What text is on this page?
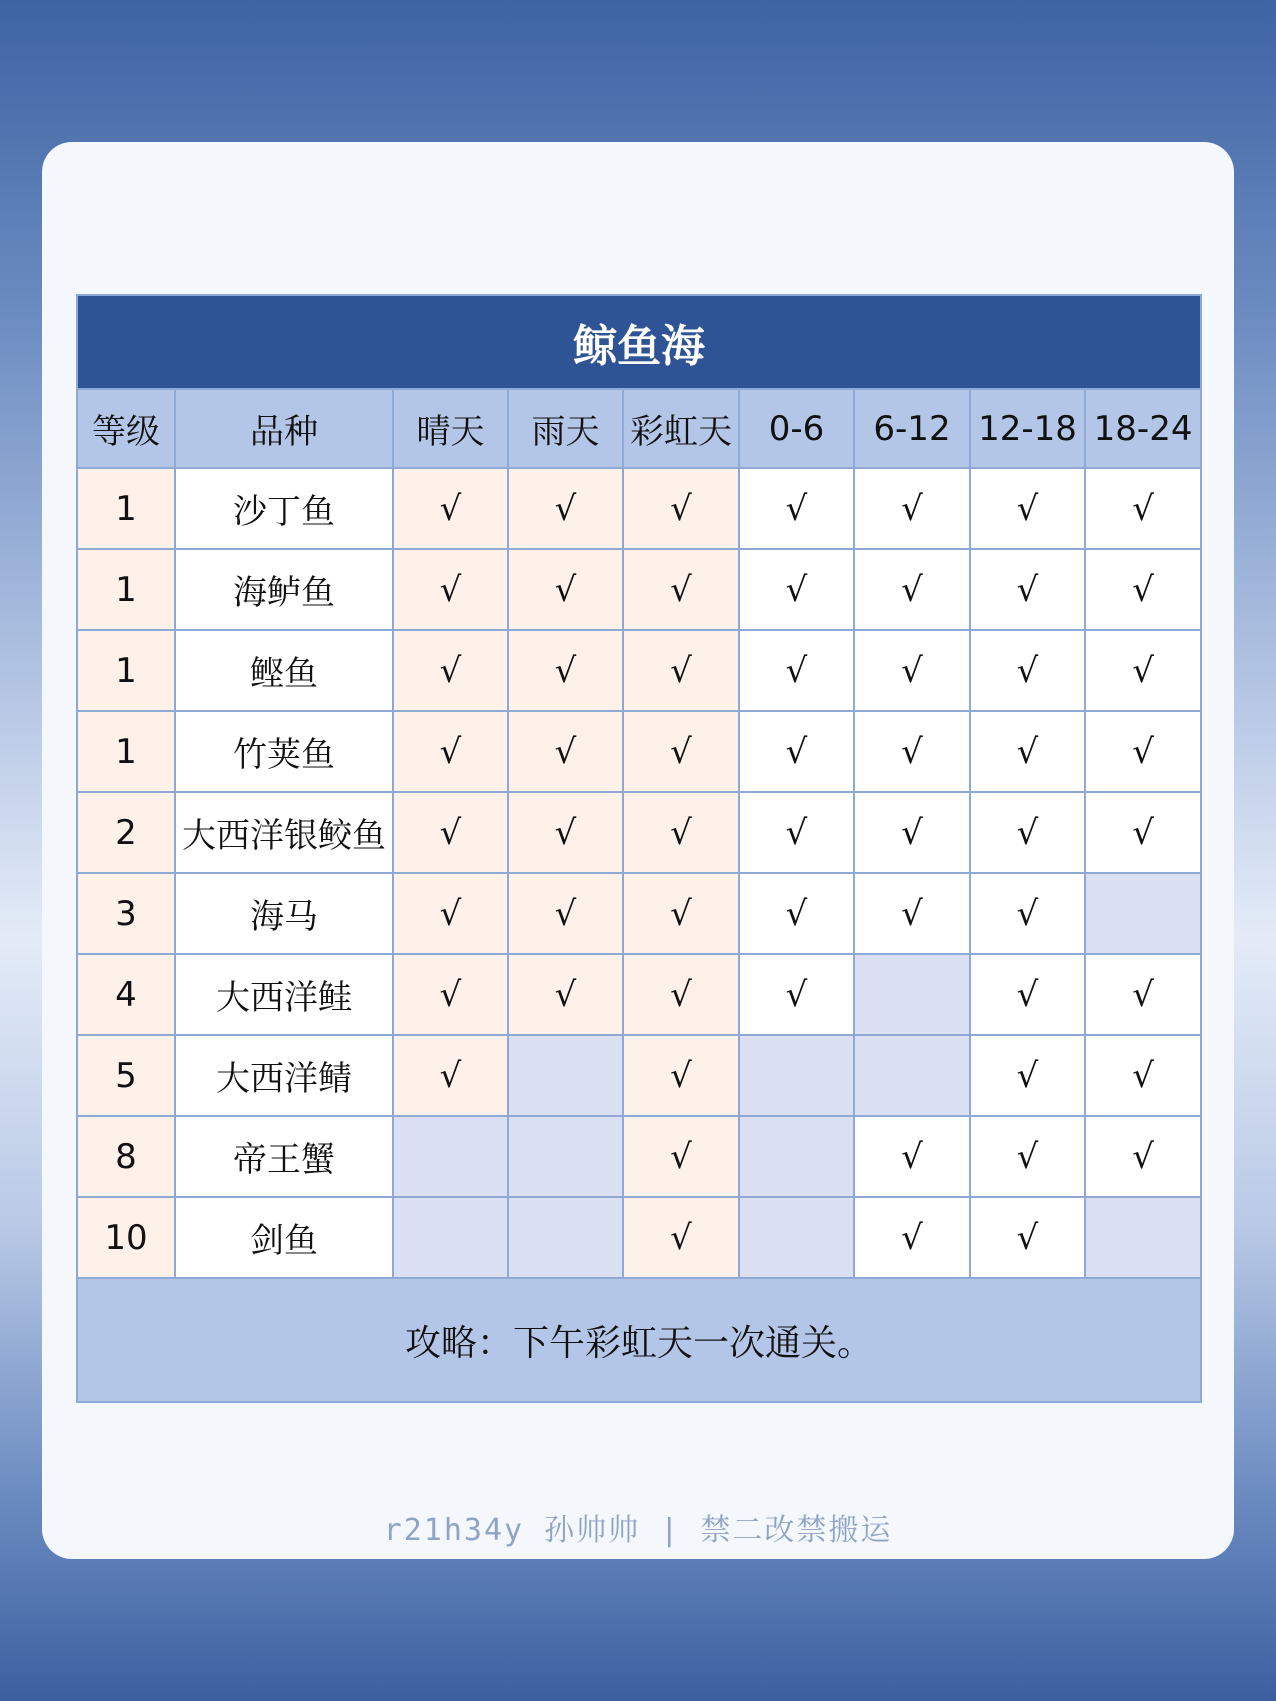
鲸鱼海								
等级	品种	晴天	雨天	彩虹天	0-6	6-12	12-18	18-24
1	沙丁鱼	√	√	√	√	√	√	√
1	海鲈鱼	√	√	√	√	√	√	√
1	鲣鱼	√	√	√	√	√	√	√
1	竹荚鱼	√	√	√	√	√	√	√
2	大西洋银鲛鱼	√	√	√	√	√	√	√
3	海马	√	√	√	√	√	√	
4	大西洋鲑	√	√	√	√		√	√
5	大西洋鲭	√		√			√	√
8	帝王蟹			√		√	√	√
10	剑鱼			√		√	√	
攻略：下午彩虹天一次通关。								
r21h34y 孙帅帅 | 禁二改禁搬运
